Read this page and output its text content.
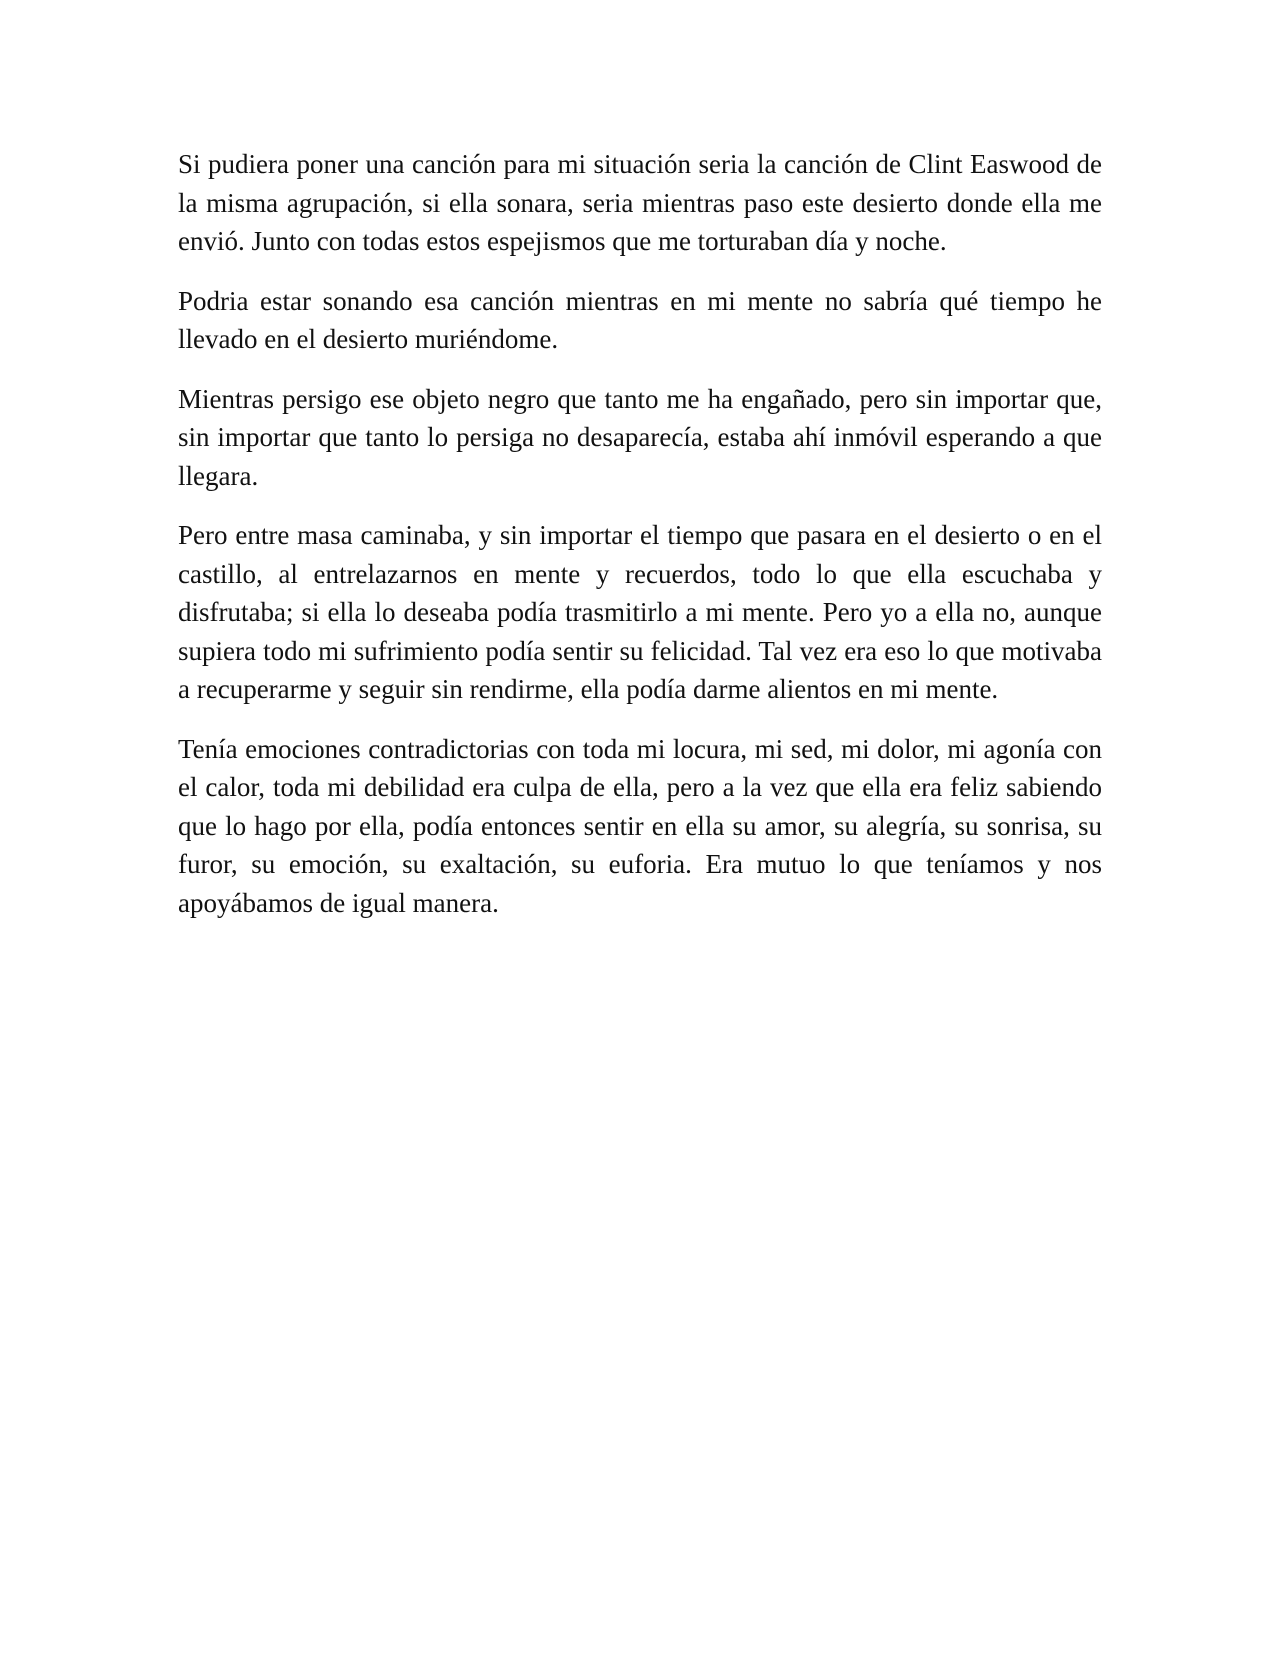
Si pudiera poner una canción para mi situación seria la canción de Clint Easwood de la misma agrupación, si ella sonara, seria mientras paso este desierto donde ella me envió. Junto con todas estos espejismos que me torturaban día y noche.

Podria estar sonando esa canción mientras en mi mente no sabría qué tiempo he llevado en el desierto muriéndome.

Mientras persigo ese objeto negro que tanto me ha engañado, pero sin importar que, sin importar que tanto lo persiga no desaparecía, estaba ahí inmóvil esperando a que llegara.

Pero entre masa caminaba, y sin importar el tiempo que pasara en el desierto o en el castillo, al entrelazarnos en mente y recuerdos, todo lo que ella escuchaba y disfrutaba; si ella lo deseaba podía trasmitirlo a mi mente. Pero yo a ella no, aunque supiera todo mi sufrimiento podía sentir su felicidad. Tal vez era eso lo que motivaba a recuperarme y seguir sin rendirme, ella podía darme alientos en mi mente.

Tenía emociones contradictorias con toda mi locura, mi sed, mi dolor, mi agonía con el calor, toda mi debilidad era culpa de ella, pero a la vez que ella era feliz sabiendo que lo hago por ella, podía entonces sentir en ella su amor, su alegría, su sonrisa, su furor, su emoción, su exaltación, su euforia. Era mutuo lo que teníamos y nos apoyábamos de igual manera.
